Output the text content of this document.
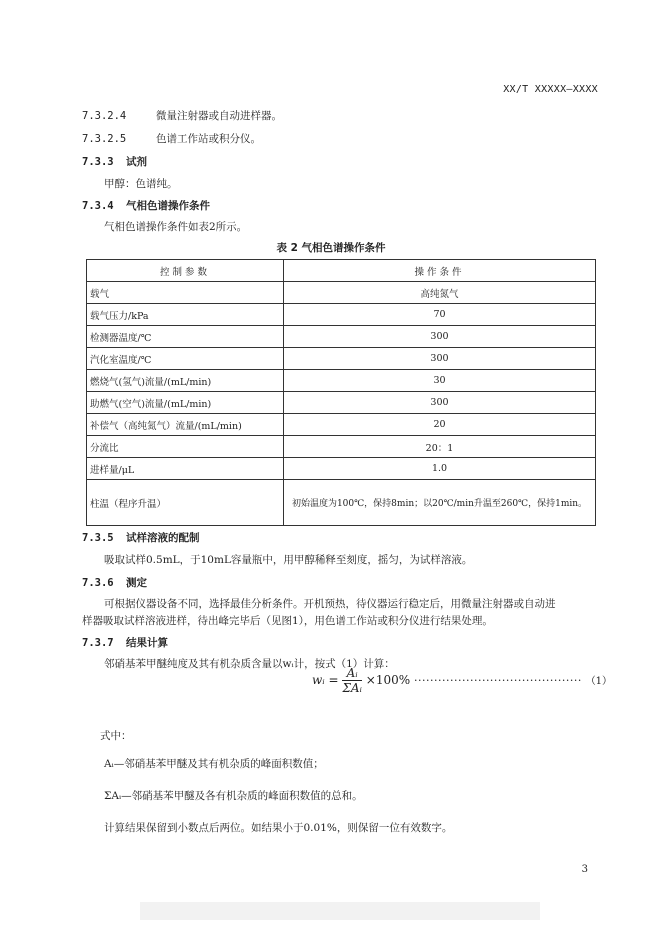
XX/T XXXXX—XXXX
7.3.2.4	微量注射器或自动进样器。
7.3.2.5	色谱工作站或积分仪。
7.3.3 试剂
甲醇：色谱纯。
7.3.4 气相色谱操作条件
气相色谱操作条件如表2所示。
表 2 气相色谱操作条件
控制参数	操作条件
载气	高纯氮气
载气压力/kPa	70
检测器温度/℃	300
汽化室温度/℃	300
燃烧气(氢气)流量/(mL/min)	30
助燃气(空气)流量/(mL/min)	300
补偿气（高纯氮气）流量/(mL/min)	20
分流比	20：1
进样量/μL	1.0
柱温（程序升温）	初始温度为100℃，保持8min；以20℃/min升温至260℃，保持1min。
7.3.5 试样溶液的配制
吸取试样0.5mL，于10mL容量瓶中，用甲醇稀释至刻度，摇匀，为试样溶液。
7.3.6 测定
可根据仪器设备不同，选择最佳分析条件。开机预热，待仪器运行稳定后，用微量注射器或自动进
样器吸取试样溶液进样，待出峰完毕后（见图1），用色谱工作站或积分仪进行结果处理。
7.3.7 结果计算
邻硝基苯甲醚纯度及其有机杂质含量以wᵢ计，按式（1）计算：
wᵢ = $\frac{\text{Aᵢ}}{\text{ΣAᵢ}} \times 100\%$ ·········································· （1）
式中：
Aᵢ—邻硝基苯甲醚及其有机杂质的峰面积数值；
ΣAᵢ—邻硝基苯甲醚及各有机杂质的峰面积数值的总和。
计算结果保留到小数点后两位。如结果小于0.01%，则保留一位有效数字。
3
